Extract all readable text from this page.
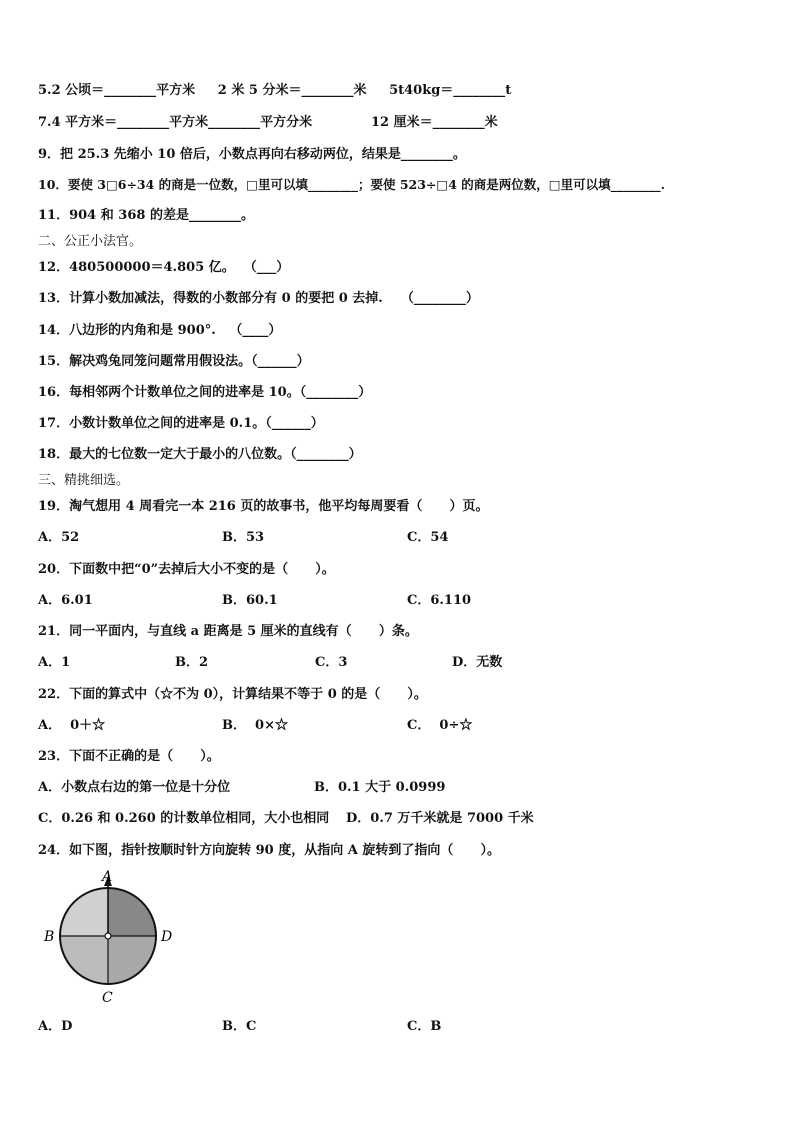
5.2 公顷＝________平方米     2 米 5 分米＝________米     5t40kg＝________t
7.4 平方米＝________平方米________平方分米             12 厘米＝________米
9．把 25.3 先缩小 10 倍后，小数点再向右移动两位，结果是________。
10．要使 3□6÷34 的商是一位数，□里可以填________；要使 523÷□4 的商是两位数，□里可以填________.
11．904 和 368 的差是________。
二、公正小法官。
12．480500000＝4.805 亿。  （___）
13．计算小数加减法，得数的小数部分有 0 的要把 0 去掉.    （________）
14．八边形的内角和是 900°.   （____）
15．解决鸡兔同笼问题常用假设法。（______）
16．每相邻两个计数单位之间的进率是 10。（________）
17．小数计数单位之间的进率是 0.1。（______）
18．最大的七位数一定大于最小的八位数。（________）
三、精挑细选。
19．淘气想用 4 周看完一本 216 页的故事书，他平均每周要看（      ）页。
A．52	B．53	C．54
20．下面数中把“0”去掉后大小不变的是（      ）。
A．6.01	B．60.1	C．6.110
21．同一平面内，与直线 a 距离是 5 厘米的直线有（      ）条。
A．1	B．2	C．3	D．无数
22．下面的算式中（☆不为 0），计算结果不等于 0 的是（      ）。
A．  0＋☆	B．  0×☆	C．  0÷☆
23．下面不正确的是（      ）。
A．小数点右边的第一位是十分位	B．0.1 大于 0.0999
C．0.26 和 0.260 的计数单位相同，大小也相同 D．0.7 万千米就是 7000 千米
24．如下图，指针按顺时针方向旋转 90 度，从指向 A 旋转到了指向（      ）。
A
B
C
D
A．D	B．C	C．B
